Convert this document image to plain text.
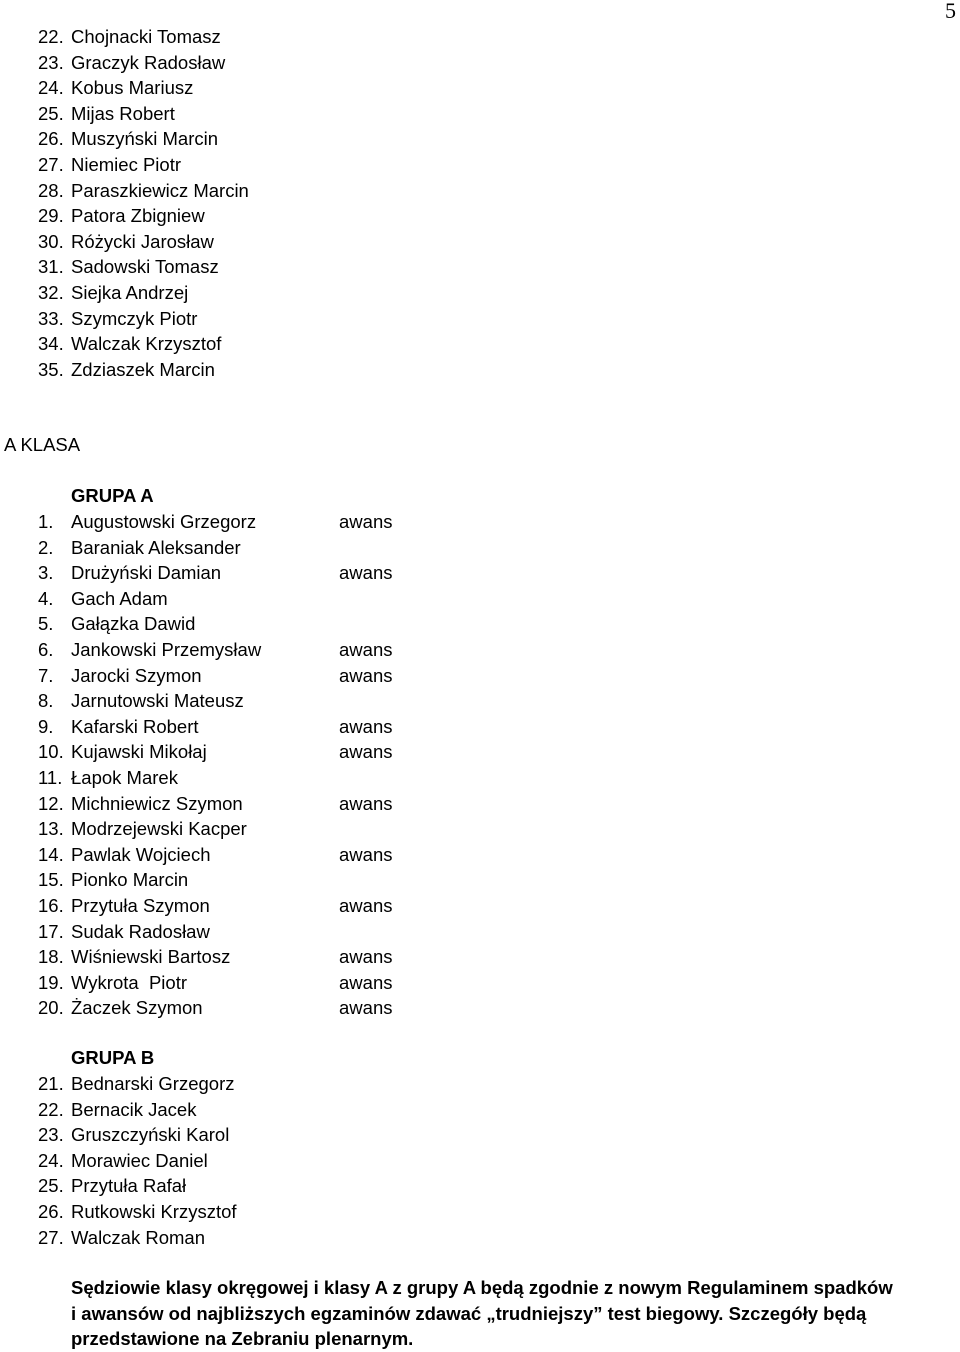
5
22. Chojnacki Tomasz
23. Graczyk Radosław
24. Kobus Mariusz
25. Mijas Robert
26. Muszyński Marcin
27. Niemiec Piotr
28. Paraszkiewicz Marcin
29. Patora Zbigniew
30. Różycki Jarosław
31. Sadowski Tomasz
32. Siejka Andrzej
33. Szymczyk Piotr
34. Walczak Krzysztof
35. Zdziaszek Marcin
A KLASA
GRUPA A
1. Augustowski Grzegorz	awans
2. Baraniak Aleksander
3. Drużyński Damian	awans
4. Gach Adam
5. Gałązka Dawid
6. Jankowski Przemysław	awans
7. Jarocki Szymon	awans
8. Jarnutowski Mateusz
9. Kafarski Robert	awans
10. Kujawski Mikołaj	awans
11. Łapok Marek
12. Michniewicz Szymon	awans
13. Modrzejewski Kacper
14. Pawlak Wojciech	awans
15. Pionko Marcin
16. Przytuła Szymon	awans
17. Sudak Radosław
18. Wiśniewski Bartosz	awans
19. Wykrota  Piotr	awans
20. Żaczek Szymon	awans
GRUPA B
21. Bednarski Grzegorz
22. Bernacik Jacek
23. Gruszczyński Karol
24. Morawiec Daniel
25. Przytuła Rafał
26. Rutkowski Krzysztof
27. Walczak Roman

Sędziowie klasy okręgowej i klasy A z grupy A będą zgodnie z nowym Regulaminem spadków i awansów od najbliższych egzaminów zdawać „trudniejszy” test biegowy. Szczegóły będą przedstawione na Zebraniu plenarnym.
